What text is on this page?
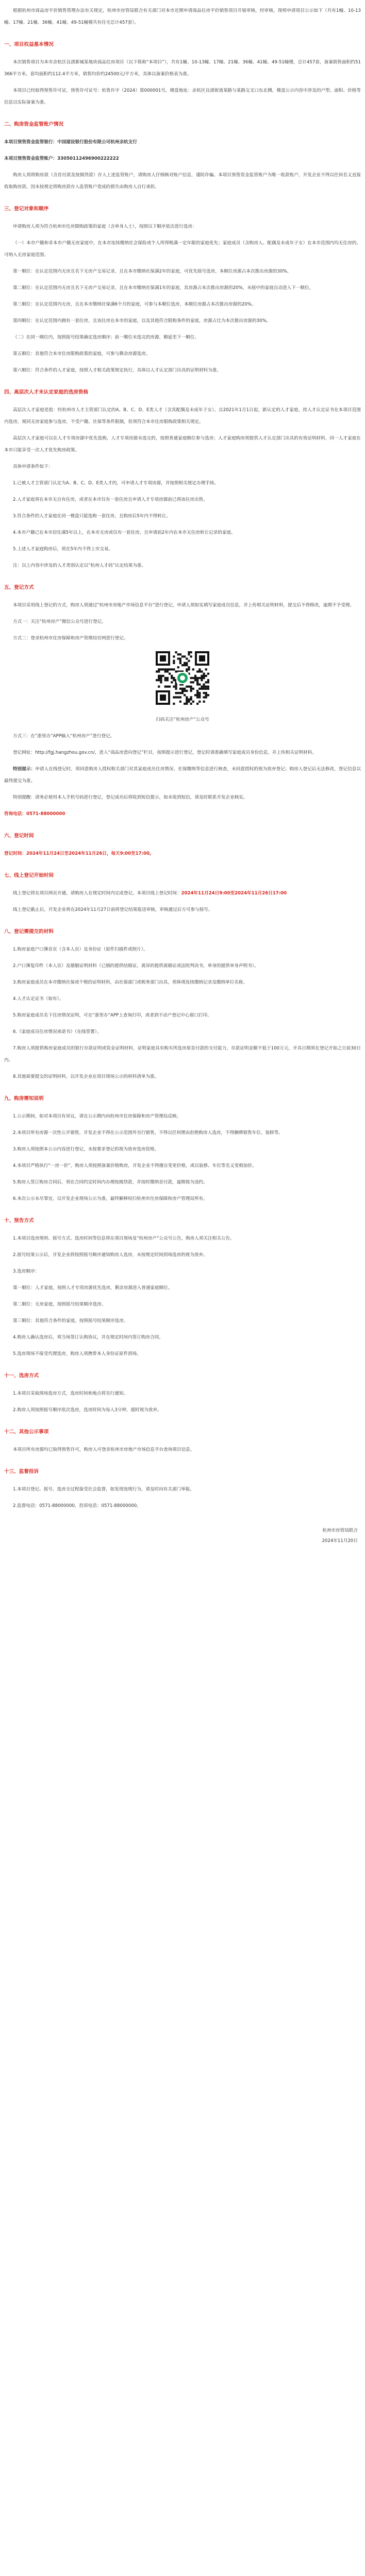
根据杭州市商品房平价销售管理办法有关规定，杭州市房管局联合有关部门对本市近期申请商品住房平价销售项目开展审核，经审核，现将申请项目公示如下（共有1幢、10-13幢、17幢、21幢、36幢、41幢、49-51幢楼共有住宅总计457套）。

一、项目权益基本情况

本次销售项目为本市余杭区良渚新城某地块商品住房项目（以下简称“本项目”），共有1幢、10-13幢、17幢、21幢、36幢、41幢、49-51幢楼，总计457套，备案销售面积约51366平方米，套均面积约112.4平方米，销售均价约24500元/平方米，具体以备案价格表为准。

本项目已经取得预售许可证，预售许可证号：杭售许字（2024）第000001号，楼盘地址：余杭区良渚街道某路与某路交叉口东北侧，楼盘公示内容中涉及的户型、面积、价格等信息以实际备案为准。

二、购房资金监管账户情况

本项目预售资金监管银行：中国建设银行股份有限公司杭州余杭支行

本项目预售资金监管账户：33050112496900222222

购房人须将购房款（含首付款及按揭贷款）存入上述监管账户，请购房人仔细核对账户信息，谨防诈骗。本项目预售资金监管账户为唯一收款账户，开发企业不得以任何名义直接收取购房款，因未按规定将购房款存入监管账户造成的损失由购房人自行承担。

三、登记对象和顺序

申请购房人须为符合杭州市住房限购政策的家庭（含单身人士），按照以下顺序依次进行选房：

（一）本市户籍和非本市户籍无房家庭中，在本市连续缴纳社会保险或个人所得税满一定年限的家庭优先；家庭成员（含购房人、配偶及未成年子女）在本市范围内均无住房的，可纳入无房家庭范围。

第一顺位：在认定范围内无房且名下无房产交易记录，且在本市缴纳社保满2年的家庭，可优先摇号选房，本顺位房源占本次推出房源的30%。

第二顺位：在认定范围内无房且名下无房产交易记录，且在本市缴纳社保满1年的家庭，其房源占本次推出房源的20%，未摇中的家庭自动进入下一顺位。

第三顺位：在认定范围内无房，且在本市缴纳社保满6个月的家庭，可参与本顺位选房，本顺位房源占本次推出房源的20%。

第四顺位：在认定范围内拥有一套住房，且该住房在本市的家庭，以及其他符合限购条件的家庭，房源占比为本次推出房源的30%。

（二）在同一顺位内，按照摇号结果确定选房顺序；前一顺位未选完的房源，顺延至下一顺位。

第五顺位：其他符合本市住房限购政策的家庭，可参与剩余房源选房。

第六顺位：符合条件的人才家庭，按照人才相关政策规定执行，具体以人才认定部门出具的证明材料为准。

四、高层次人才未认定家庭的选房资格

高层次人才家庭是指：经杭州市人才主管部门认定的A、B、C、D、E类人才（含其配偶及未成年子女）。自2021年1月1日起，新认定的人才家庭，持人才认定证书在本项目范围内选房，视同无房家庭参与选房，不受户籍、社保等条件限制，但须符合本市住房限购政策相关规定。

高层次人才家庭可以在人才专项房源中优先选购，人才专项房源未选完的，按照普通家庭顺位参与选房；人才家庭购房须提供人才认定部门出具的有效证明材料，同一人才家庭在本市只能享受一次人才优先购房政策。

具体申请条件如下：

1.已被人才主管部门认定为A、B、C、D、E类人才的，可申请人才专项房源，并按照相关规定办理手续。

2.人才家庭须在本市无自有住房，或者在本市仅有一套住房且申请人才专项房源前已将该住房出售。

3.符合条件的人才家庭在同一楼盘只能选购一套住房，且购房后5年内不得转让。

4.本市户籍已在本市居住满5年以上，在本市无房或仅有一套住房，且申请前2年内在本市无住房转让记录的家庭。

5.上述人才家庭购房后，须在5年内不得上市交易。

注：以上内容中涉及的人才类别认定以“杭州人才码”认定结果为准。

五、登记方式

本项目采用线上登记的方式，购房人须通过“杭州市房地产市场信息平台”进行登记，申请人须如实填写家庭成员信息，并上传相关证明材料，提交后不得修改，逾期不予受理。

方式一：关注“杭州房产”微信公众号进行登记。

方式二：登录杭州市住房保障和房产管理局官网进行登记。

扫码关注“杭州房产”公众号

方式三：在“浙里办”APP输入“杭州房产”进行登记。

登记网址：http://fgj.hangzhou.gov.cn/，进入“商品房意向登记”栏目，按照提示进行登记，登记时请准确填写家庭成员身份信息，并上传相关证明材料。

特别提示：申请人在线登记时，须同意购房人授权相关部门对其家庭成员住房情况、社保缴纳等信息进行核查，未同意授权的视为放弃登记；购房人登记后无法修改，登记信息以最终提交为准。

特别提醒：请务必使用本人手机号码进行登记，登记成功后将收到短信提示，如未收到短信，请及时联系开发企业核实。

咨询电话：0571-88000000

六、登记时间

登记时间：2024年11月24日至2024年11月26日，每天9:00至17:00。

七、线上登记开始时间

线上登记将在项目网页开通，请购房人在规定时间内完成登记。本项目线上登记时间：2024年11月24日9:00至2024年11月26日17:00

线上登记截止后，开发企业将在2024年11月27日前将登记结果报送审核，审核通过后方可参与摇号。

八、登记需提交的材料

1.购房家庭户口簿首页（含本人页）及身份证（原件扫描件或照片）。

2.户口簿复印件（本人页）及婚姻证明材料（已婚的提供结婚证，离异的提供离婚证或法院判决书，单身的提供单身声明书）。

3.购房家庭成员在本市缴纳社保或个税的证明材料，由社保部门或税务部门出具，须体现连续缴纳记录及缴纳单位名称。

4.人才认定证书（如有）。

5.购房家庭成员名下住房情况证明，可在“浙里办”APP上查询打印，或者到不动产登记中心窗口打印。

6.《家庭成员住房情况承诺书》（在线签署）。

7.购房人须提供购房家庭成员的银行存款证明或资金证明材料，证明家庭具有购买所选房屋首付款的支付能力，存款证明金额不低于100万元，开具日期须在登记开始之日前30日内。

8.其他需要提交的证明材料，以开发企业在项目现场公示的材料清单为准。

九、购房需知说明

1.公示期间，如对本项目有异议，请在公示期内向杭州市住房保障和房产管理局反映。

2.本项目所有房源一次性公开销售，开发企业不得在公示范围外另行销售，不得以任何理由拒绝购房人选房，不得捆绑销售车位、装修等。

3.购房人须按照本公示内容进行登记，未按要求登记的视为放弃选房资格。

4.本项目严格执行“一房一价”，购房人须按照备案价格购房，开发企业不得擅自变更价格，或以装修、车位等名义变相加价。

5.购房人签订购房合同后，须在合同约定时间内办理按揭贷款，并按时缴纳首付款，逾期视为违约。

6.本次公示未尽事宜，以开发企业现场公示为准，最终解释权归杭州市住房保障和房产管理局所有。

十、预告方式

1.本项目选房规则、摇号方式、选房时间等信息将在项目现场及“杭州房产”公众号公告，购房人须关注相关公告。

2.摇号结果公示后，开发企业将按照摇号顺序通知购房人选房，未按规定时间到场选房的视为放弃。

3.选房顺序：

第一顺位：人才家庭，按照人才专项房源优先选房，剩余房源进入普通家庭顺位。

第二顺位：无房家庭，按照摇号结果顺序选房。

第三顺位：其他符合条件的家庭，按照摇号结果顺序选房。

4.购房人确认选房后，须当场签订认购协议，并在规定时间内签订购房合同。

5.选房现场不接受代理选房，购房人须携带本人身份证原件到场。

十一、选房方式

1.本项目采取现场选房方式，选房时间和地点将另行通知。

2.购房人须按照摇号顺序依次选房，选房时间为每人3分钟，超时视为放弃。

十二、其他公示事项

本项目所有房源均已取得预售许可，购房人可登录杭州市房地产市场信息平台查询项目信息。

十三、监督投诉

1.本项目登记、摇号、选房全过程接受社会监督，如发现违规行为，请及时向有关部门举报。

2.监督电话：0571-88000000，投诉电话：0571-88000000。

杭州市房管局联合
2024年11月20日
